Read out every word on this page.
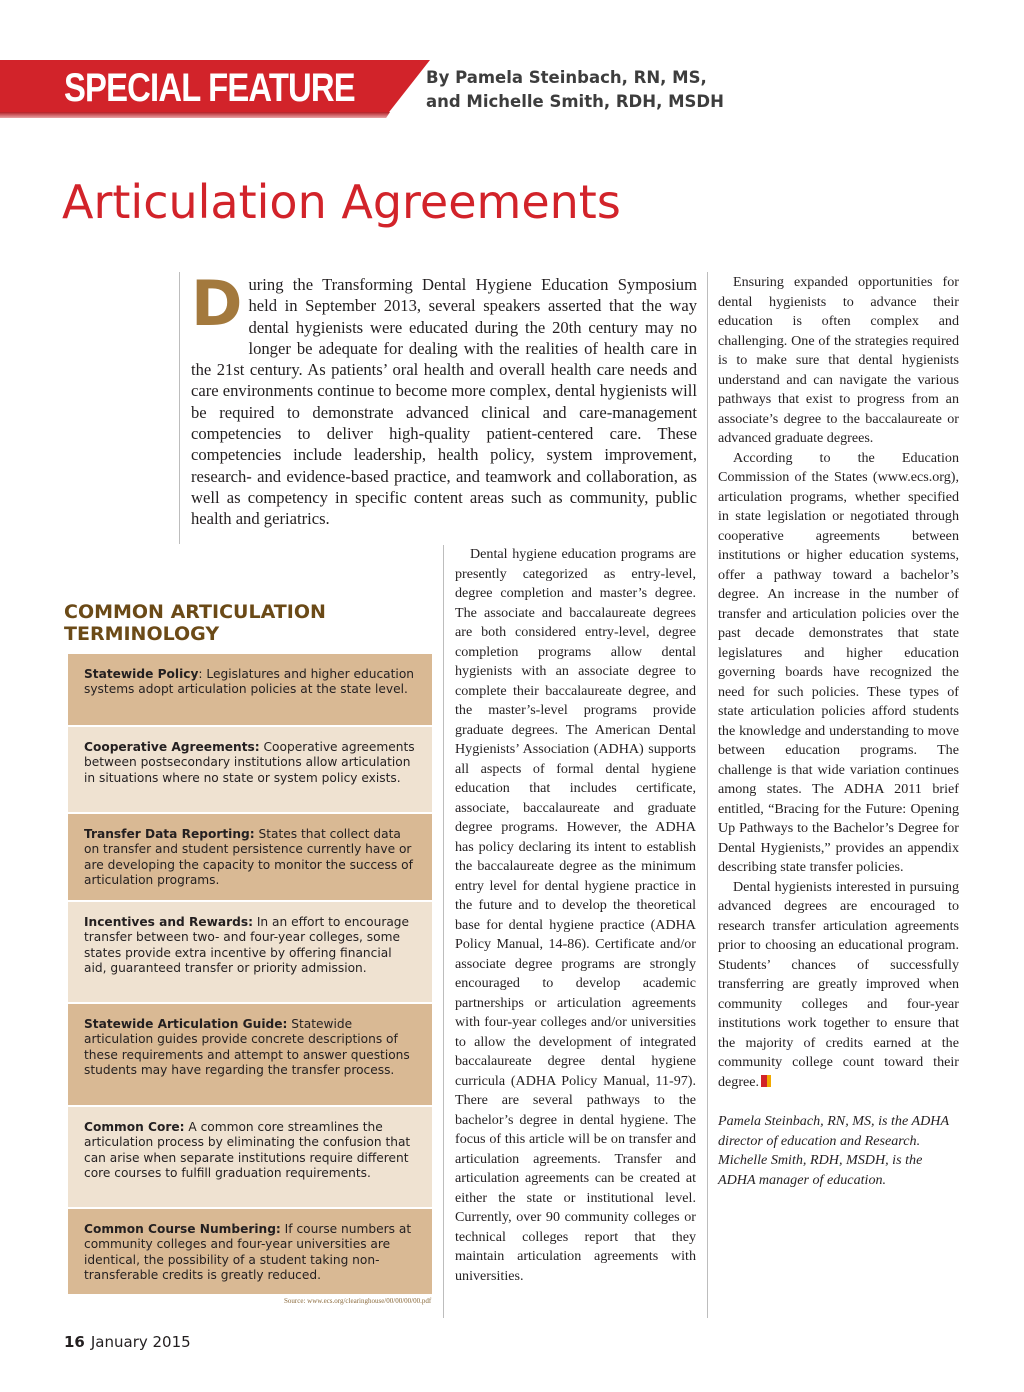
SPECIAL FEATURE	By Pamela Steinbach, RN, MS,
and Michelle Smith, RDH, MSDH
Articulation Agreements

During the Transforming Dental Hygiene Education Symposium held in September 2013, several speakers asserted that the way dental hygienists were educated during the 20th century may no longer be adequate for dealing with the realities of health care in the 21st century. As patients’ oral health and overall health care needs and care environments continue to become more complex, dental hygienists will be required to demonstrate advanced clinical and care-management competencies to deliver high-quality patient-centered care. These competencies include leadership, health policy, system improvement, research- and evidence-based practice, and teamwork and collaboration, as well as competency in specific content areas such as community, public health and geriatrics.

Dental hygiene education programs are presently categorized as entry-level, degree completion and master’s degree. The associate and baccalaureate degrees are both considered entry-level, degree completion programs allow dental hygienists with an associate degree to complete their baccalaureate degree, and the master’s-level programs provide graduate degrees. The American Dental Hygienists’ Association (ADHA) supports all aspects of formal dental hygiene education that includes certificate, associate, baccalaureate and graduate degree programs. However, the ADHA has policy declaring its intent to establish the baccalaureate degree as the minimum entry level for dental hygiene practice in the future and to develop the theoretical base for dental hygiene practice (ADHA Policy Manual, 14-86). Certificate and/or associate degree programs are strongly encouraged to develop academic partnerships or articulation agreements with four-year colleges and/or universities to allow the development of integrated baccalaureate degree dental hygiene curricula (ADHA Policy Manual, 11-97). There are several pathways to the bachelor’s degree in dental hygiene. The focus of this article will be on transfer and articulation agreements. Transfer and articulation agreements can be created at either the state or institutional level. Currently, over 90 community colleges or technical colleges report that they maintain articulation agreements with universities.

Ensuring expanded opportunities for dental hygienists to advance their education is often complex and challenging. One of the strategies required is to make sure that dental hygienists understand and can navigate the various pathways that exist to progress from an associate’s degree to the baccalaureate or advanced graduate degrees.

According to the Education Commission of the States (www.ecs.org), articulation programs, whether specified in state legislation or negotiated through cooperative agreements between institutions or higher education systems, offer a pathway toward a bachelor’s degree. An increase in the number of transfer and articulation policies over the past decade demonstrates that state legislatures and higher education governing boards have recognized the need for such policies. These types of state articulation policies afford students the knowledge and understanding to move between education programs. The challenge is that wide variation continues among states. The ADHA 2011 brief entitled, “Bracing for the Future: Opening Up Pathways to the Bachelor’s Degree for Dental Hygienists,” provides an appendix describing state transfer policies.

Dental hygienists interested in pursuing advanced degrees are encouraged to research transfer articulation agreements prior to choosing an educational program. Students’ chances of successfully transferring are greatly improved when community colleges and four-year institutions work together to ensure that the majority of credits earned at the community college count toward their degree.

Pamela Steinbach, RN, MS, is the ADHA director of education and Research. Michelle Smith, RDH, MSDH, is the ADHA manager of education.

COMMON ARTICULATION
TERMINOLOGY
Statewide Policy: Legislatures and higher education systems adopt articulation policies at the state level.
Cooperative Agreements: Cooperative agreements between postsecondary institutions allow articulation in situations where no state or system policy exists.
Transfer Data Reporting: States that collect data on transfer and student persistence currently have or are developing the capacity to monitor the success of articulation programs.
Incentives and Rewards: In an effort to encourage transfer between two- and four-year colleges, some states provide extra incentive by offering financial aid, guaranteed transfer or priority admission.
Statewide Articulation Guide: Statewide articulation guides provide concrete descriptions of these requirements and attempt to answer questions students may have regarding the transfer process.
Common Core: A common core streamlines the articulation process by eliminating the confusion that can arise when separate institutions require different core courses to fulfill graduation requirements.
Common Course Numbering: If course numbers at community colleges and four-year universities are identical, the possibility of a student taking non-transferable credits is greatly reduced.
Source: www.ecs.org/clearinghouse/00/00/00/00.pdf
16 January 2015
